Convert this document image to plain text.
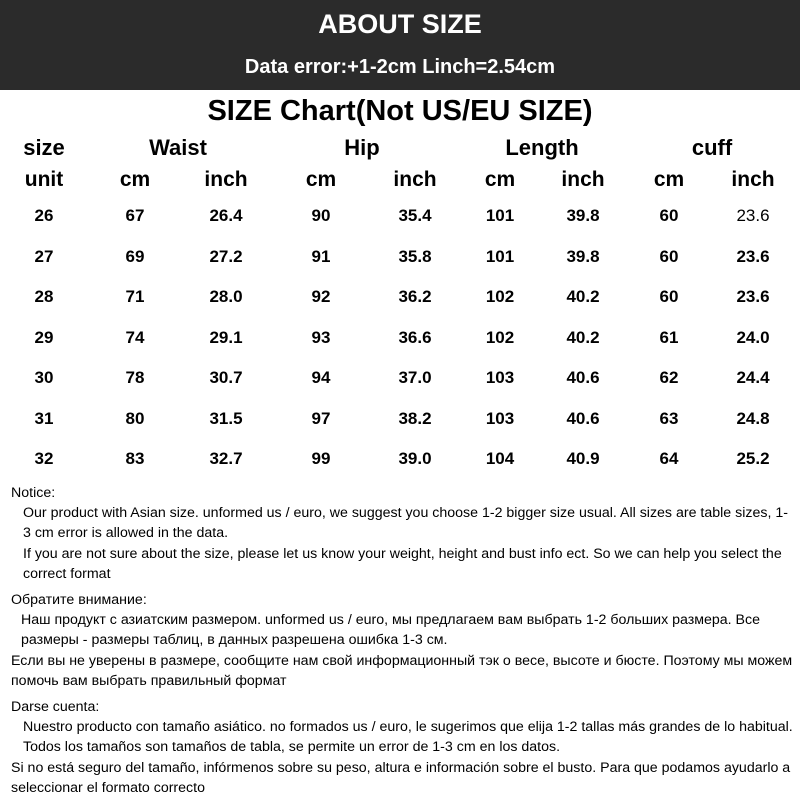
ABOUT SIZE
Data error:+1-2cm Linch=2.54cm
SIZE Chart(Not US/EU SIZE)
size	Waist	Hip	Length	cuff
unit	cm	inch	cm	inch	cm	inch	cm	inch
26	67	26.4	90	35.4	101	39.8	60	23.6
27	69	27.2	91	35.8	101	39.8	60	23.6
28	71	28.0	92	36.2	102	40.2	60	23.6
29	74	29.1	93	36.6	102	40.2	61	24.0
30	78	30.7	94	37.0	103	40.6	62	24.4
31	80	31.5	97	38.2	103	40.6	63	24.8
32	83	32.7	99	39.0	104	40.9	64	25.2

Notice:

Our product with Asian size. unformed us / euro, we suggest you choose 1-2 bigger size usual. All sizes are table sizes, 1-3 cm error is allowed in the data.

If you are not sure about the size, please let us know your weight, height and bust info ect. So we can help you select the correct format

Обратите внимание:

Наш продукт с азиатским размером. unformed us / euro, мы предлагаем вам выбрать 1-2 больших размера. Все размеры - размеры таблиц, в данных разрешена ошибка 1-3 см.

Если вы не уверены в размере, сообщите нам свой информационный тэк о весе, высоте и бюсте. Поэтому мы можем помочь вам выбрать правильный формат

Darse cuenta:

Nuestro producto con tamaño asiático. no formados us / euro, le sugerimos que elija 1-2 tallas más grandes de lo habitual. Todos los tamaños son tamaños de tabla, se permite un error de 1-3 cm en los datos.

Si no está seguro del tamaño, infórmenos sobre su peso, altura e información sobre el busto. Para que podamos ayudarlo a seleccionar el formato correcto
